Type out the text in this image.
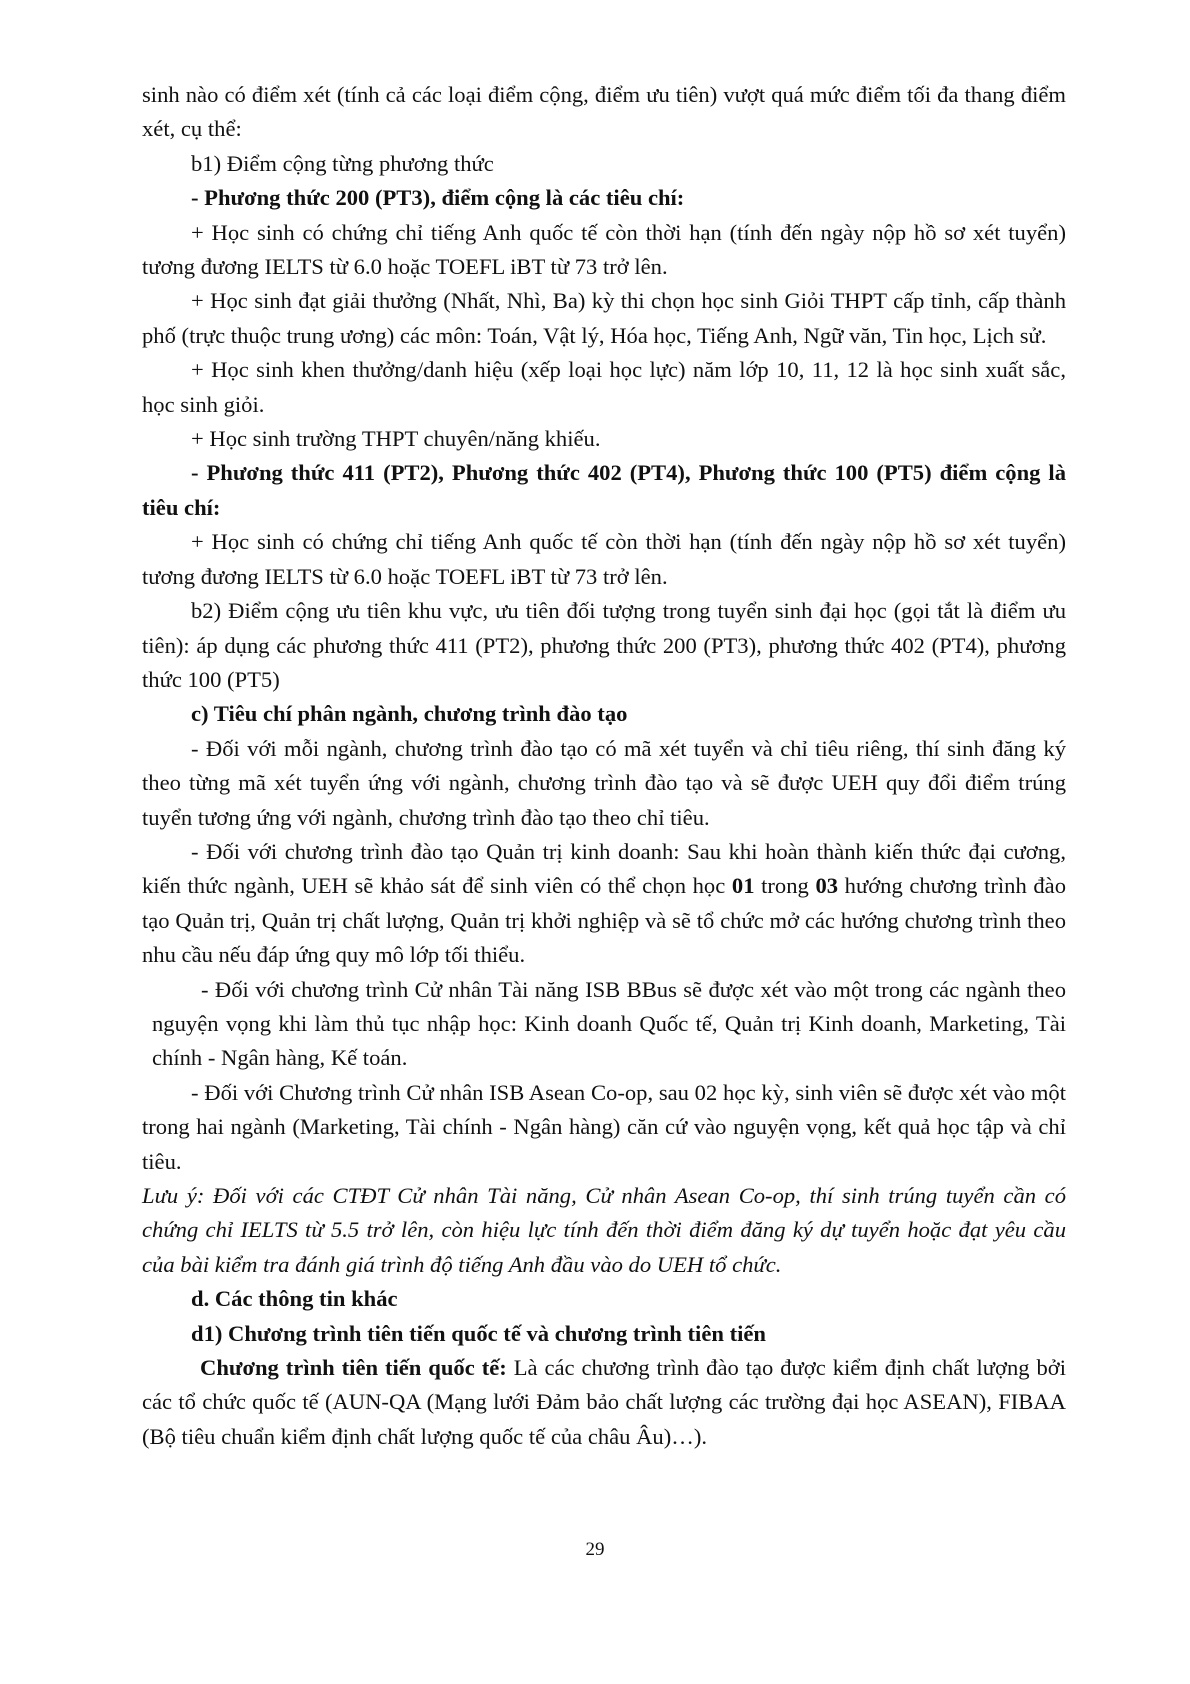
sinh nào có điểm xét (tính cả các loại điểm cộng, điểm ưu tiên) vượt quá mức điểm tối đa thang điểm xét, cụ thể:

b1) Điểm cộng từng phương thức

- Phương thức 200 (PT3), điểm cộng là các tiêu chí:

+ Học sinh có chứng chỉ tiếng Anh quốc tế còn thời hạn (tính đến ngày nộp hồ sơ xét tuyển) tương đương IELTS từ 6.0 hoặc TOEFL iBT từ 73 trở lên.

+ Học sinh đạt giải thưởng (Nhất, Nhì, Ba) kỳ thi chọn học sinh Giỏi THPT cấp tỉnh, cấp thành phố (trực thuộc trung ương) các môn: Toán, Vật lý, Hóa học, Tiếng Anh, Ngữ văn, Tin học, Lịch sử.

+ Học sinh khen thưởng/danh hiệu (xếp loại học lực) năm lớp 10, 11, 12 là học sinh xuất sắc, học sinh giỏi.

+ Học sinh trường THPT chuyên/năng khiếu.

- Phương thức 411 (PT2), Phương thức 402 (PT4), Phương thức 100 (PT5) điểm cộng là tiêu chí:

+ Học sinh có chứng chỉ tiếng Anh quốc tế còn thời hạn (tính đến ngày nộp hồ sơ xét tuyển) tương đương IELTS từ 6.0 hoặc TOEFL iBT từ 73 trở lên.

b2) Điểm cộng ưu tiên khu vực, ưu tiên đối tượng trong tuyển sinh đại học (gọi tắt là điểm ưu tiên): áp dụng các phương thức 411 (PT2), phương thức 200 (PT3), phương thức 402 (PT4), phương thức 100 (PT5)

c) Tiêu chí phân ngành, chương trình đào tạo

- Đối với mỗi ngành, chương trình đào tạo có mã xét tuyển và chỉ tiêu riêng, thí sinh đăng ký theo từng mã xét tuyển ứng với ngành, chương trình đào tạo và sẽ được UEH quy đổi điểm trúng tuyển tương ứng với ngành, chương trình đào tạo theo chỉ tiêu.

- Đối với chương trình đào tạo Quản trị kinh doanh: Sau khi hoàn thành kiến thức đại cương, kiến thức ngành, UEH sẽ khảo sát để sinh viên có thể chọn học 01 trong 03 hướng chương trình đào tạo Quản trị, Quản trị chất lượng, Quản trị khởi nghiệp và sẽ tổ chức mở các hướng chương trình theo nhu cầu nếu đáp ứng quy mô lớp tối thiểu.

- Đối với chương trình Cử nhân Tài năng ISB BBus sẽ được xét vào một trong các ngành theo nguyện vọng khi làm thủ tục nhập học: Kinh doanh Quốc tế, Quản trị Kinh doanh, Marketing, Tài chính - Ngân hàng, Kế toán.

- Đối với Chương trình Cử nhân ISB Asean Co-op, sau 02 học kỳ, sinh viên sẽ được xét vào một trong hai ngành (Marketing, Tài chính - Ngân hàng) căn cứ vào nguyện vọng, kết quả học tập và chỉ tiêu.

Lưu ý: Đối với các CTĐT Cử nhân Tài năng, Cử nhân Asean Co-op, thí sinh trúng tuyển cần có chứng chỉ IELTS từ 5.5 trở lên, còn hiệu lực tính đến thời điểm đăng ký dự tuyển hoặc đạt yêu cầu của bài kiểm tra đánh giá trình độ tiếng Anh đầu vào do UEH tổ chức.

d. Các thông tin khác

d1) Chương trình tiên tiến quốc tế và chương trình tiên tiến

Chương trình tiên tiến quốc tế: Là các chương trình đào tạo được kiểm định chất lượng bởi các tổ chức quốc tế (AUN-QA (Mạng lưới Đảm bảo chất lượng các trường đại học ASEAN), FIBAA (Bộ tiêu chuẩn kiểm định chất lượng quốc tế của châu Âu)…).

29
